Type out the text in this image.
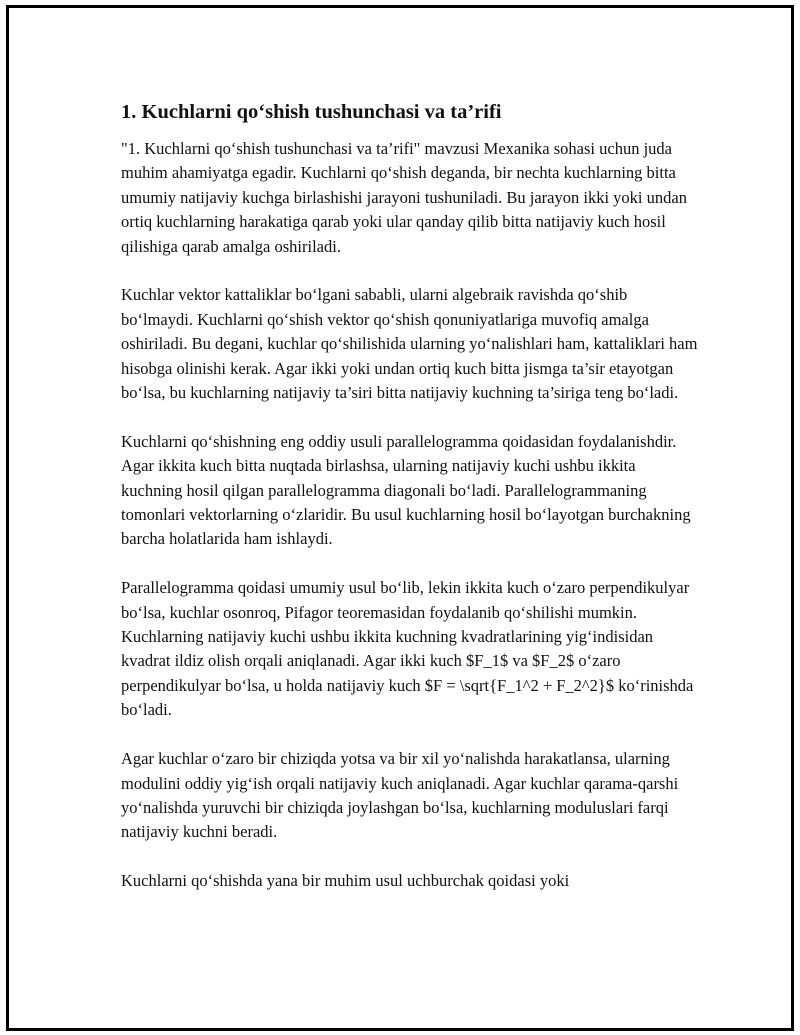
1. Kuchlarni qo‘shish tushunchasi va ta’rifi

"1. Kuchlarni qo‘shish tushunchasi va ta’rifi" mavzusi Mexanika sohasi uchun juda muhim ahamiyatga egadir. Kuchlarni qo‘shish deganda, bir nechta kuchlarning bitta umumiy natijaviy kuchga birlashishi jarayoni tushuniladi. Bu jarayon ikki yoki undan ortiq kuchlarning harakatiga qarab yoki ular qanday qilib bitta natijaviy kuch hosil qilishiga qarab amalga oshiriladi.

Kuchlar vektor kattaliklar bo‘lgani sababli, ularni algebraik ravishda qo‘shib bo‘lmaydi. Kuchlarni qo‘shish vektor qo‘shish qonuniyatlariga muvofiq amalga oshiriladi. Bu degani, kuchlar qo‘shilishida ularning yo‘nalishlari ham, kattaliklari ham hisobga olinishi kerak. Agar ikki yoki undan ortiq kuch bitta jismga ta’sir etayotgan bo‘lsa, bu kuchlarning natijaviy ta’siri bitta natijaviy kuchning ta’siriga teng bo‘ladi.

Kuchlarni qo‘shishning eng oddiy usuli parallelogramma qoidasidan foydalanishdir. Agar ikkita kuch bitta nuqtada birlashsa, ularning natijaviy kuchi ushbu ikkita kuchning hosil qilgan parallelogramma diagonali bo‘ladi. Parallelogrammaning tomonlari vektorlarning o‘zlaridir. Bu usul kuchlarning hosil bo‘layotgan burchakning barcha holatlarida ham ishlaydi.

Parallelogramma qoidasi umumiy usul bo‘lib, lekin ikkita kuch o‘zaro perpendikulyar bo‘lsa, kuchlar osonroq, Pifagor teoremasidan foydalanib qo‘shilishi mumkin. Kuchlarning natijaviy kuchi ushbu ikkita kuchning kvadratlarining yig‘indisidan kvadrat ildiz olish orqali aniqlanadi. Agar ikki kuch $F_1$ va $F_2$ o‘zaro perpendikulyar bo‘lsa, u holda natijaviy kuch $F = \sqrt{F_1^2 + F_2^2}$ ko‘rinishda bo‘ladi.

Agar kuchlar o‘zaro bir chiziqda yotsa va bir xil yo‘nalishda harakatlansa, ularning modulini oddiy yig‘ish orqali natijaviy kuch aniqlanadi. Agar kuchlar qarama-qarshi yo‘nalishda yuruvchi bir chiziqda joylashgan bo‘lsa, kuchlarning moduluslari farqi natijaviy kuchni beradi.

Kuchlarni qo‘shishda yana bir muhim usul uchburchak qoidasi yoki
